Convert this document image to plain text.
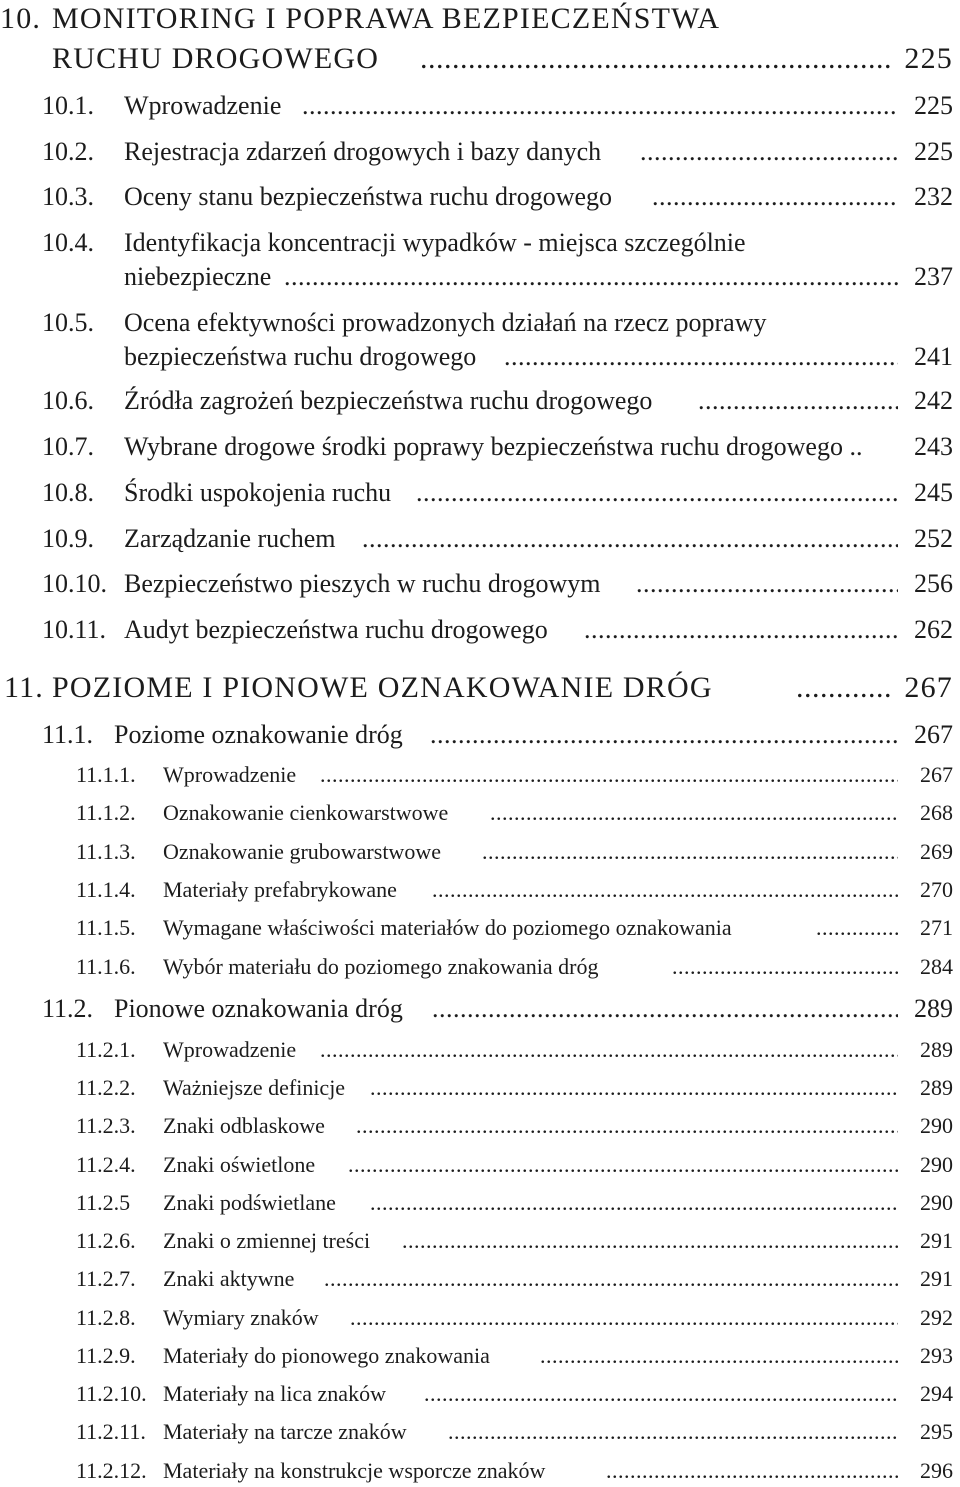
10. MONITORING I POPRAWA BEZPIECZEŃSTWA
RUCHU DROGOWEGO .....	225
10.1. Wprowadzenie .....	225
10.2. Rejestracja zdarzeń drogowych i bazy danych .....	225
10.3. Oceny stanu bezpieczeństwa ruchu drogowego .....	232
10.4. Identyfikacja koncentracji wypadków - miejsca szczególnie
niebezpieczne .....	237
10.5. Ocena efektywności prowadzonych działań na rzecz poprawy
bezpieczeństwa ruchu drogowego .....	241
10.6. Źródła zagrożeń bezpieczeństwa ruchu drogowego .....	242
10.7. Wybrane drogowe środki poprawy bezpieczeństwa ruchu drogowego .. 243
10.8. Środki uspokojenia ruchu .....	245
10.9. Zarządzanie ruchem .....	252
10.10. Bezpieczeństwo pieszych w ruchu drogowym .....	256
10.11. Audyt bezpieczeństwa ruchu drogowego .....	262
11. POZIOME I PIONOWE OZNAKOWANIE DRÓG .....	267
11.1. Poziome oznakowanie dróg .....	267
11.1.1. Wprowadzenie .....	267
11.1.2. Oznakowanie cienkowarstwowe .....	268
11.1.3. Oznakowanie grubowarstwowe .....	269
11.1.4. Materiały prefabrykowane .....	270
11.1.5. Wymagane właściwości materiałów do poziomego oznakowania .....	271
11.1.6. Wybór materiału do poziomego znakowania dróg .....	284
11.2. Pionowe oznakowania dróg .....	289
11.2.1. Wprowadzenie .....	289
11.2.2. Ważniejsze definicje .....	289
11.2.3. Znaki odblaskowe .....	290
11.2.4. Znaki oświetlone .....	290
11.2.5 Znaki podświetlane .....	290
11.2.6. Znaki o zmiennej treści .....	291
11.2.7. Znaki aktywne .....	291
11.2.8. Wymiary znaków .....	292
11.2.9. Materiały do pionowego znakowania .....	293
11.2.10. Materiały na lica znaków .....	294
11.2.11. Materiały na tarcze znaków .....	295
11.2.12. Materiały na konstrukcje wsporcze znaków .....	296
